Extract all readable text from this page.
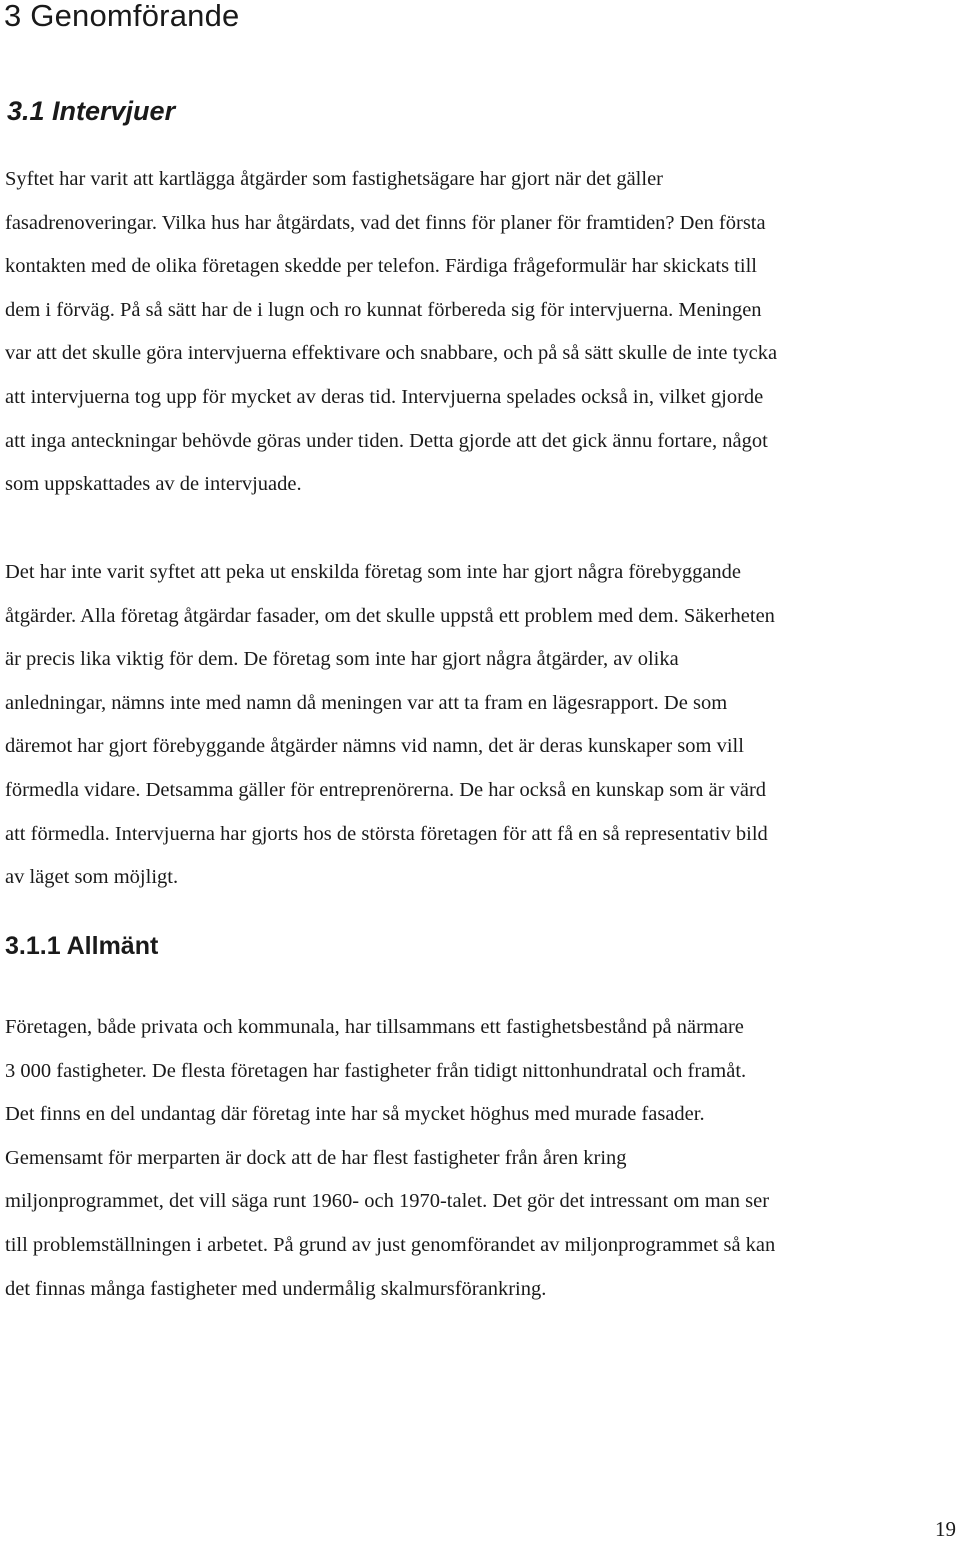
3 Genomförande
3.1 Intervjuer

Syftet har varit att kartlägga åtgärder som fastighetsägare har gjort när det gäller
fasadrenoveringar. Vilka hus har åtgärdats, vad det finns för planer för framtiden? Den första
kontakten med de olika företagen skedde per telefon. Färdiga frågeformulär har skickats till
dem i förväg. På så sätt har de i lugn och ro kunnat förbereda sig för intervjuerna. Meningen
var att det skulle göra intervjuerna effektivare och snabbare, och på så sätt skulle de inte tycka
att intervjuerna tog upp för mycket av deras tid. Intervjuerna spelades också in, vilket gjorde
att inga anteckningar behövde göras under tiden. Detta gjorde att det gick ännu fortare, något
som uppskattades av de intervjuade.

Det har inte varit syftet att peka ut enskilda företag som inte har gjort några förebyggande
åtgärder. Alla företag åtgärdar fasader, om det skulle uppstå ett problem med dem. Säkerheten
är precis lika viktig för dem. De företag som inte har gjort några åtgärder, av olika
anledningar, nämns inte med namn då meningen var att ta fram en lägesrapport. De som
däremot har gjort förebyggande åtgärder nämns vid namn, det är deras kunskaper som vill
förmedla vidare. Detsamma gäller för entreprenörerna. De har också en kunskap som är värd
att förmedla. Intervjuerna har gjorts hos de största företagen för att få en så representativ bild
av läget som möjligt.

3.1.1 Allmänt

Företagen, både privata och kommunala, har tillsammans ett fastighetsbestånd på närmare
3 000 fastigheter. De flesta företagen har fastigheter från tidigt nittonhundratal och framåt.
Det finns en del undantag där företag inte har så mycket höghus med murade fasader.
Gemensamt för merparten är dock att de har flest fastigheter från åren kring
miljonprogrammet, det vill säga runt 1960- och 1970-talet. Det gör det intressant om man ser
till problemställningen i arbetet. På grund av just genomförandet av miljonprogrammet så kan
det finnas många fastigheter med undermålig skalmursförankring.

19
